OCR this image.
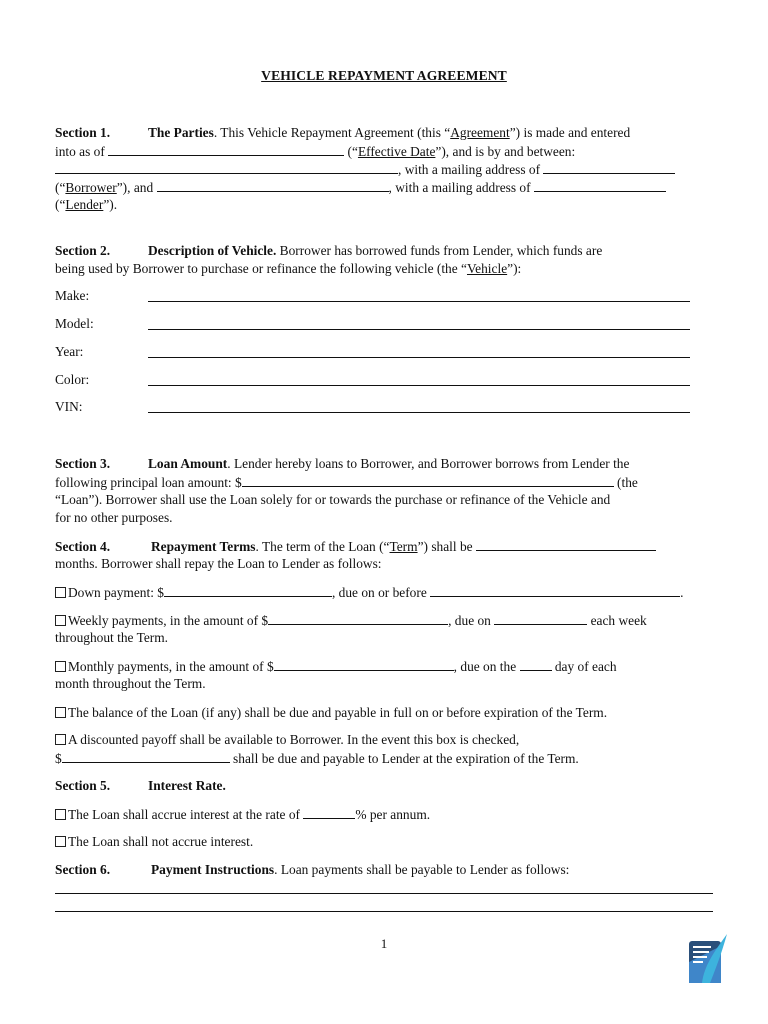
VEHICLE REPAYMENT AGREEMENT
Section 1.	The Parties. This Vehicle Repayment Agreement (this “Agreement”) is made and entered
into as of	(“Effective Date”), and is by and between:
, with a mailing address of
(“Borrower”), and	, with a mailing address of
(“Lender”).
Section 2.	Description of Vehicle. Borrower has borrowed funds from Lender, which funds are
being used by Borrower to purchase or refinance the following vehicle (the “Vehicle”):
Make:
Model:
Year:
Color:
VIN:
Section 3.	Loan Amount. Lender hereby loans to Borrower, and Borrower borrows from Lender the
following principal loan amount: $	(the
“Loan”). Borrower shall use the Loan solely for or towards the purchase or refinance of the Vehicle and
for no other purposes.
Section 4.	Repayment Terms. The term of the Loan (“Term”) shall be
months. Borrower shall repay the Loan to Lender as follows:
Down payment: $	, due on or before	.
Weekly payments, in the amount of $	, due on	each week
throughout the Term.
Monthly payments, in the amount of $	, due on the  day of each
month throughout the Term.
The balance of the Loan (if any) shall be due and payable in full on or before expiration of the Term.
A discounted payoff shall be available to Borrower. In the event this box is checked,
$	shall be due and payable to Lender at the expiration of the Term.
Section 5.	Interest Rate.
The Loan shall accrue interest at the rate of	% per annum.
The Loan shall not accrue interest.
Section 6.	Payment Instructions. Loan payments shall be payable to Lender as follows:
1
